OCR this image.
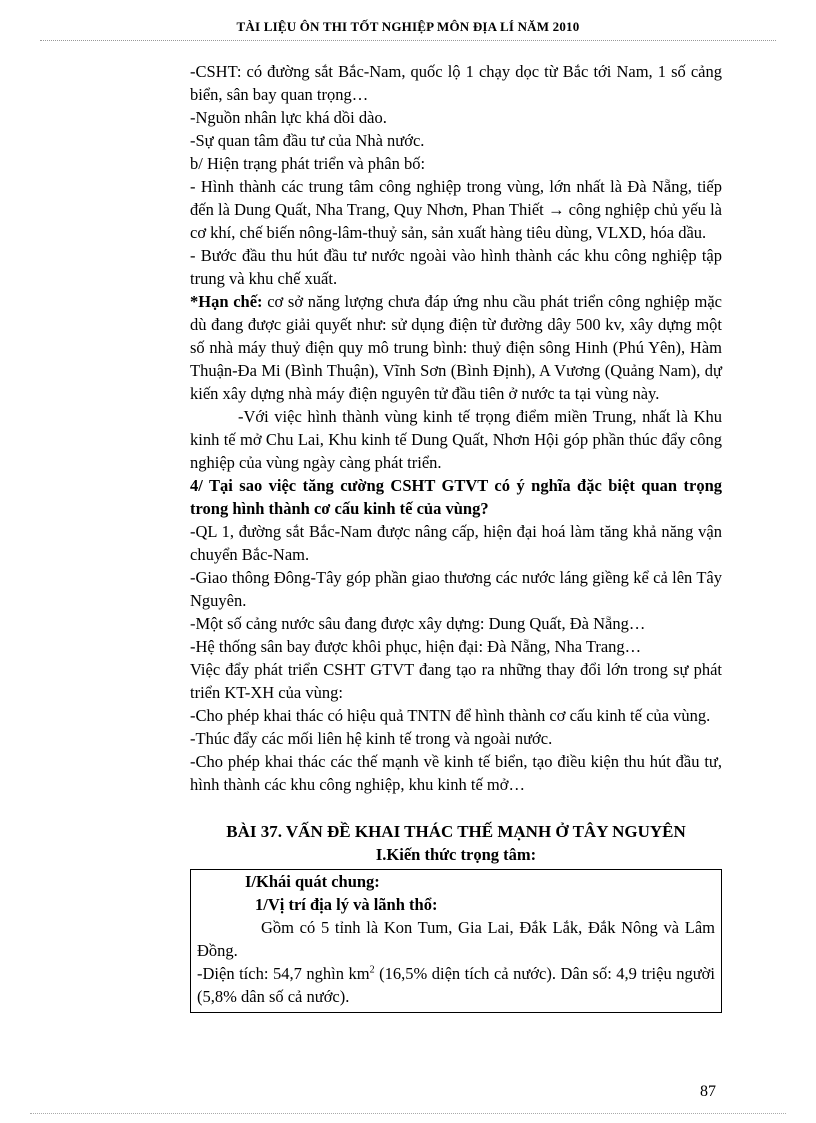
TÀI LIỆU ÔN THI TỐT NGHIỆP MÔN ĐỊA LÍ NĂM 2010

-CSHT: có đường sắt Bắc-Nam, quốc lộ 1 chạy dọc từ Bắc tới Nam, 1 số cảng biển, sân bay quan trọng…

-Nguồn nhân lực khá dồi dào.

-Sự quan tâm đầu tư của Nhà nước.

b/ Hiện trạng phát triển và phân bố:

- Hình thành các trung tâm công nghiệp trong vùng, lớn nhất là Đà Nẵng, tiếp đến là Dung Quất, Nha Trang, Quy Nhơn, Phan Thiết → công nghiệp chủ yếu là cơ khí, chế biến nông-lâm-thuỷ sản, sản xuất hàng tiêu dùng, VLXD, hóa dầu.

- Bước đầu thu hút đầu tư nước ngoài vào hình thành các khu công nghiệp tập trung và khu chế xuất.

*Hạn chế: cơ sở năng lượng chưa đáp ứng nhu cầu phát triển công nghiệp mặc dù đang được giải quyết như: sử dụng điện từ đường dây 500 kv, xây dựng một số nhà máy thuỷ điện quy mô trung bình: thuỷ điện sông Hinh (Phú Yên), Hàm Thuận-Đa Mi (Bình Thuận), Vĩnh Sơn (Bình Định), A Vương (Quảng Nam), dự kiến xây dựng nhà máy điện nguyên tử đầu tiên ở nước ta tại vùng này.

-Với việc hình thành vùng kinh tế trọng điểm miền Trung, nhất là Khu kinh tế mở Chu Lai, Khu kinh tế Dung Quất, Nhơn Hội góp phần thúc đẩy công nghiệp của vùng ngày càng phát triển.

4/ Tại sao việc tăng cường CSHT GTVT có ý nghĩa đặc biệt quan trọng trong hình thành cơ cấu kinh tế của vùng?

-QL 1, đường sắt Bắc-Nam được nâng cấp, hiện đại hoá làm tăng khả năng vận chuyển Bắc-Nam.

-Giao thông Đông-Tây góp phần giao thương các nước láng giềng kể cả lên Tây Nguyên.

-Một số cảng nước sâu đang được xây dựng: Dung Quất, Đà Nẵng…

-Hệ thống sân bay được khôi phục, hiện đại: Đà Nẵng, Nha Trang…

Việc đẩy phát triển CSHT GTVT đang tạo ra những thay đổi lớn trong sự phát triển KT-XH của vùng:

-Cho phép khai thác có hiệu quả TNTN để hình thành cơ cấu kinh tế của vùng.

-Thúc đẩy các mối liên hệ kinh tế trong và ngoài nước.

-Cho phép khai thác các thế mạnh về kinh tế biển, tạo điều kiện thu hút đầu tư, hình thành các khu công nghiệp, khu kinh tế mở…

BÀI 37. VẤN ĐỀ KHAI THÁC THẾ MẠNH Ở TÂY NGUYÊN

I.Kiến thức trọng tâm:

I/Khái quát chung:

1/Vị trí địa lý và lãnh thổ:

Gồm có 5 tỉnh là Kon Tum, Gia Lai, Đắk Lắk, Đắk Nông và Lâm Đồng.

-Diện tích: 54,7 nghìn $km^2$ (16,5% diện tích cả nước). Dân số: 4,9 triệu người (5,8% dân số cả nước).

87
